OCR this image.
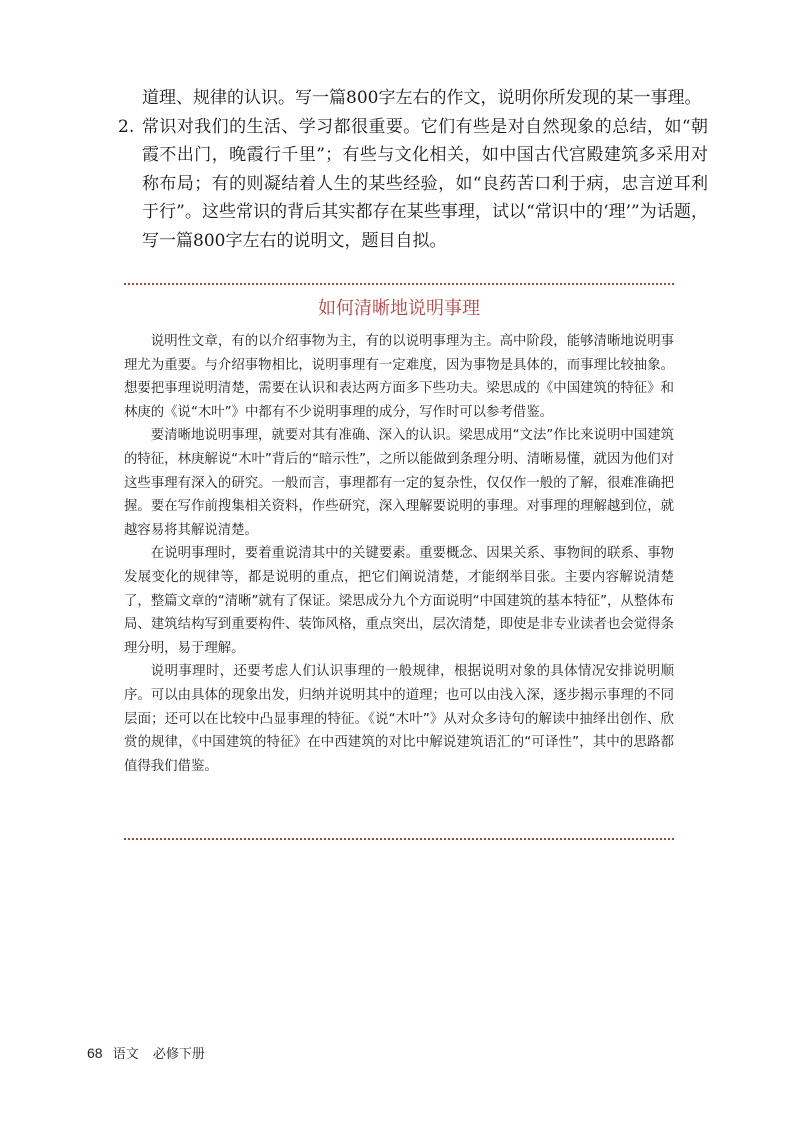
道理、规律的认识。写一篇800字左右的作文，说明你所发现的某一事理。
2. 常识对我们的生活、学习都很重要。它们有些是对自然现象的总结，如“朝霞不出门，晚霞行千里”；有些与文化相关，如中国古代宫殿建筑多采用对称布局；有的则凝结着人生的某些经验，如“良药苦口利于病，忠言逆耳利于行”。这些常识的背后其实都存在某些事理，试以“常识中的‘理’”为话题，写一篇800字左右的说明文，题目自拟。
如何清晰地说明事理

说明性文章，有的以介绍事物为主，有的以说明事理为主。高中阶段，能够清晰地说明事理尤为重要。与介绍事物相比，说明事理有一定难度，因为事物是具体的，而事理比较抽象。想要把事理说明清楚，需要在认识和表达两方面多下些功夫。梁思成的《中国建筑的特征》和林庚的《说“木叶”》中都有不少说明事理的成分，写作时可以参考借鉴。

要清晰地说明事理，就要对其有准确、深入的认识。梁思成用“文法”作比来说明中国建筑的特征，林庚解说“木叶”背后的“暗示性”，之所以能做到条理分明、清晰易懂，就因为他们对这些事理有深入的研究。一般而言，事理都有一定的复杂性，仅仅作一般的了解，很难准确把握。要在写作前搜集相关资料，作些研究，深入理解要说明的事理。对事理的理解越到位，就越容易将其解说清楚。

在说明事理时，要着重说清其中的关键要素。重要概念、因果关系、事物间的联系、事物发展变化的规律等，都是说明的重点，把它们阐说清楚，才能纲举目张。主要内容解说清楚了，整篇文章的“清晰”就有了保证。梁思成分九个方面说明“中国建筑的基本特征”，从整体布局、建筑结构写到重要构件、装饰风格，重点突出，层次清楚，即使是非专业读者也会觉得条理分明，易于理解。

说明事理时，还要考虑人们认识事理的一般规律，根据说明对象的具体情况安排说明顺序。可以由具体的现象出发，归纳并说明其中的道理；也可以由浅入深，逐步揭示事理的不同层面；还可以在比较中凸显事理的特征。《说“木叶”》从对众多诗句的解读中抽绎出创作、欣赏的规律，《中国建筑的特征》在中西建筑的对比中解说建筑语汇的“可译性”，其中的思路都值得我们借鉴。

68 语文 必修下册
